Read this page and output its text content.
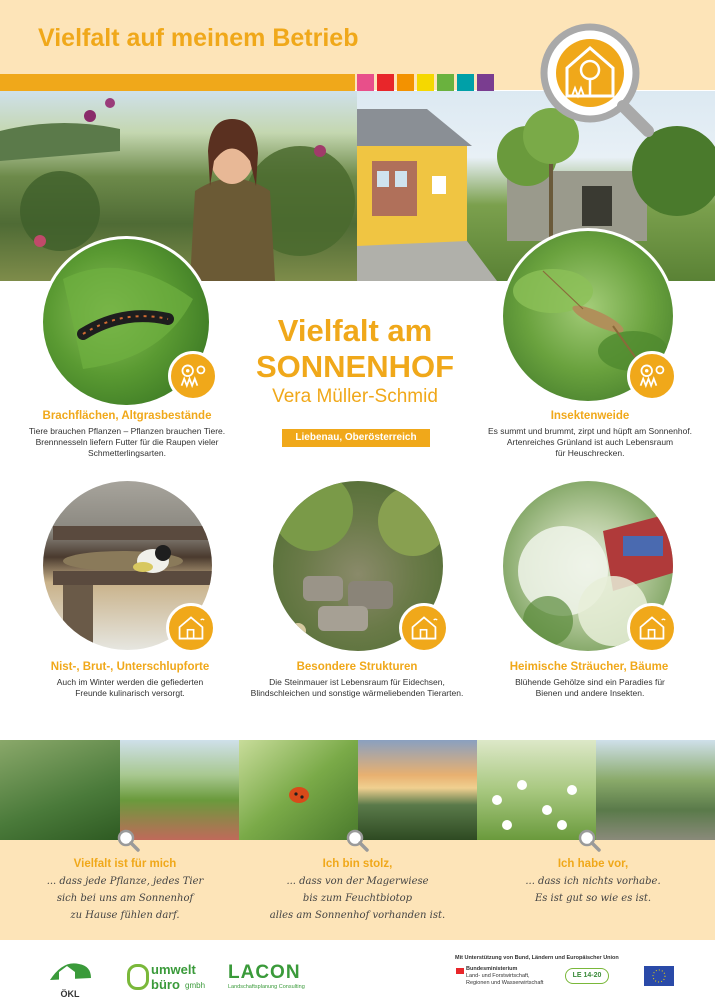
Vielfalt auf meinem Betrieb
Brachflächen, Altgrasbestände
Tiere brauchen Pflanzen – Pflanzen brauchen Tiere.
Brennnesseln liefern Futter für die Raupen vieler
Schmetterlingsarten.
Insektenweide
Es summt und brummt, zirpt und hüpft am Sonnenhof.
Artenreiches Grünland ist auch Lebensraum
für Heuschrecken.
Vielfalt am
SONNENHOF
Vera Müller-Schmid
Liebenau, Oberösterreich
Nist-, Brut-, Unterschlupforte
Auch im Winter werden die gefiederten
Freunde kulinarisch versorgt.
Besondere Strukturen
Die Steinmauer ist Lebensraum für Eidechsen,
Blindschleichen und sonstige wärmeliebenden Tierarten.
Heimische Sträucher, Bäume
Blühende Gehölze sind ein Paradies für
Bienen und andere Insekten.
Vielfalt ist für mich
... dass jede Pflanze, jedes Tier
sich bei uns am Sonnenhof
zu Hause fühlen darf.
Ich bin stolz,
... dass von der Magerwiese
bis zum Feuchtbiotop
alles am Sonnenhof vorhanden ist.
Ich habe vor,
... dass ich nichts vorhabe.
Es ist gut so wie es ist.
ÖKL
umwelt
büro gmbh
LACON
Landschaftsplanung Consulting
Mit Unterstützung von Bund, Ländern und Europäischer Union
Bundesministerium
Land- und Forstwirtschaft,
Regionen und Wasserwirtschaft
LE 14-20
